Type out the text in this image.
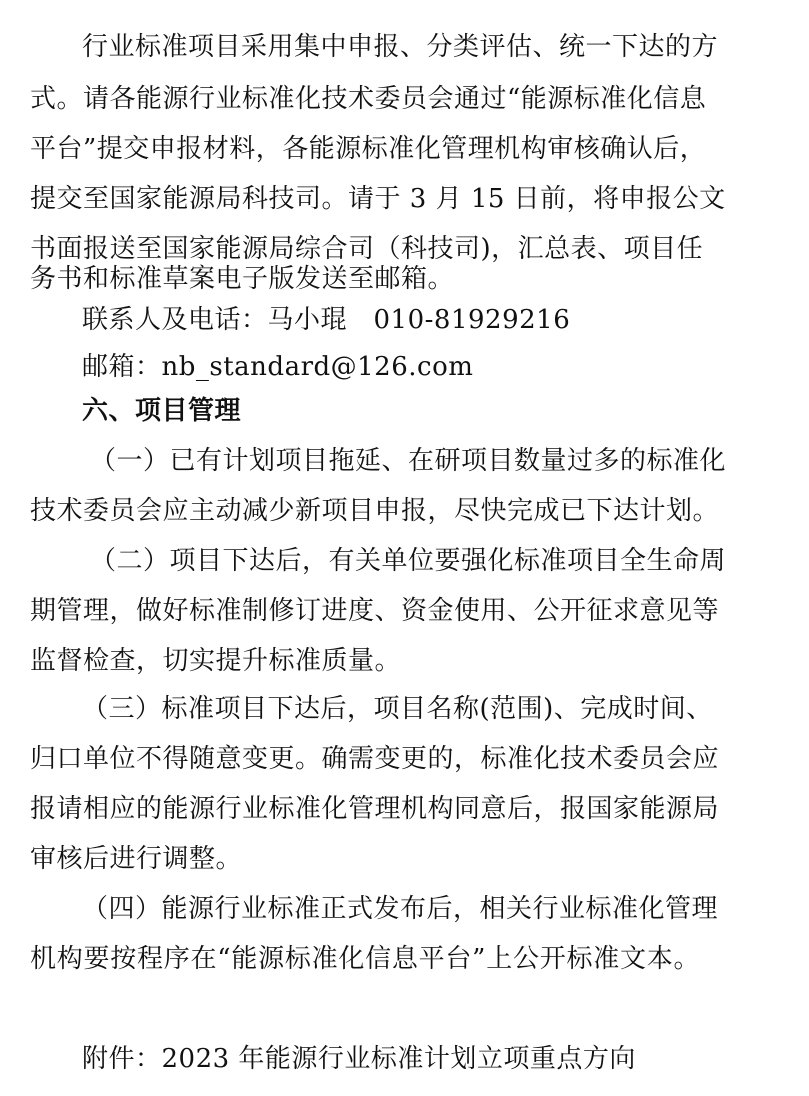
行业标准项目采用集中申报、分类评估、统一下达的方
式。请各能源行业标准化技术委员会通过“能源标准化信息
平台”提交申报材料，各能源标准化管理机构审核确认后，
提交至国家能源局科技司。请于 3 月 15 日前，将申报公文
书面报送至国家能源局综合司（科技司)，汇总表、项目任
务书和标准草案电子版发送至邮箱。
联系人及电话：马小琨　010-81929216
邮箱：nb_standard@126.com
六、项目管理
（一）已有计划项目拖延、在研项目数量过多的标准化
技术委员会应主动减少新项目申报，尽快完成已下达计划。
（二）项目下达后，有关单位要强化标准项目全生命周
期管理，做好标准制修订进度、资金使用、公开征求意见等
监督检查，切实提升标准质量。
（三）标准项目下达后，项目名称(范围)、完成时间、
归口单位不得随意变更。确需变更的，标准化技术委员会应
报请相应的能源行业标准化管理机构同意后，报国家能源局
审核后进行调整。
（四）能源行业标准正式发布后，相关行业标准化管理
机构要按程序在“能源标准化信息平台”上公开标准文本。
附件：2023 年能源行业标准计划立项重点方向
